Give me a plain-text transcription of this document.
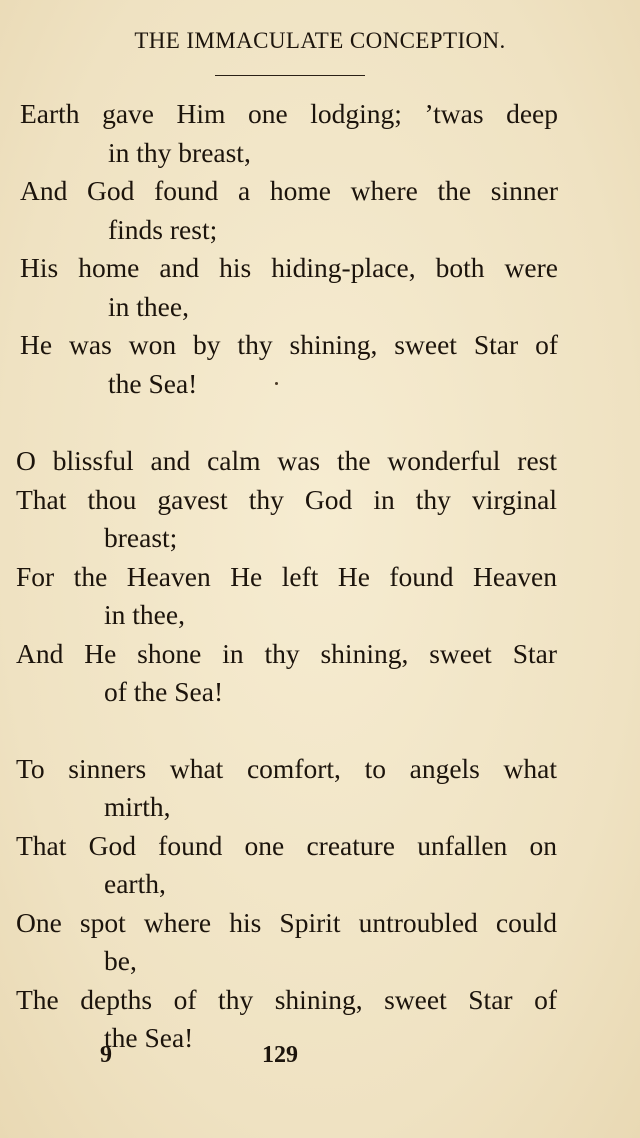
THE IMMACULATE CONCEPTION.
Earth gave Him one lodging; ’twas deep
in thy breast,
And God found a home where the sinner
finds rest;
His home and his hiding-place, both were
in thee,
He was won by thy shining, sweet Star of
the Sea!
O blissful and calm was the wonderful rest
That thou gavest thy God in thy virginal
breast;
For the Heaven He left He found Heaven
in thee,
And He shone in thy shining, sweet Star
of the Sea!
To sinners what comfort, to angels what
mirth,
That God found one creature unfallen on
earth,
One spot where his Spirit untroubled could
be,
The depths of thy shining, sweet Star of
the Sea!
9	129
